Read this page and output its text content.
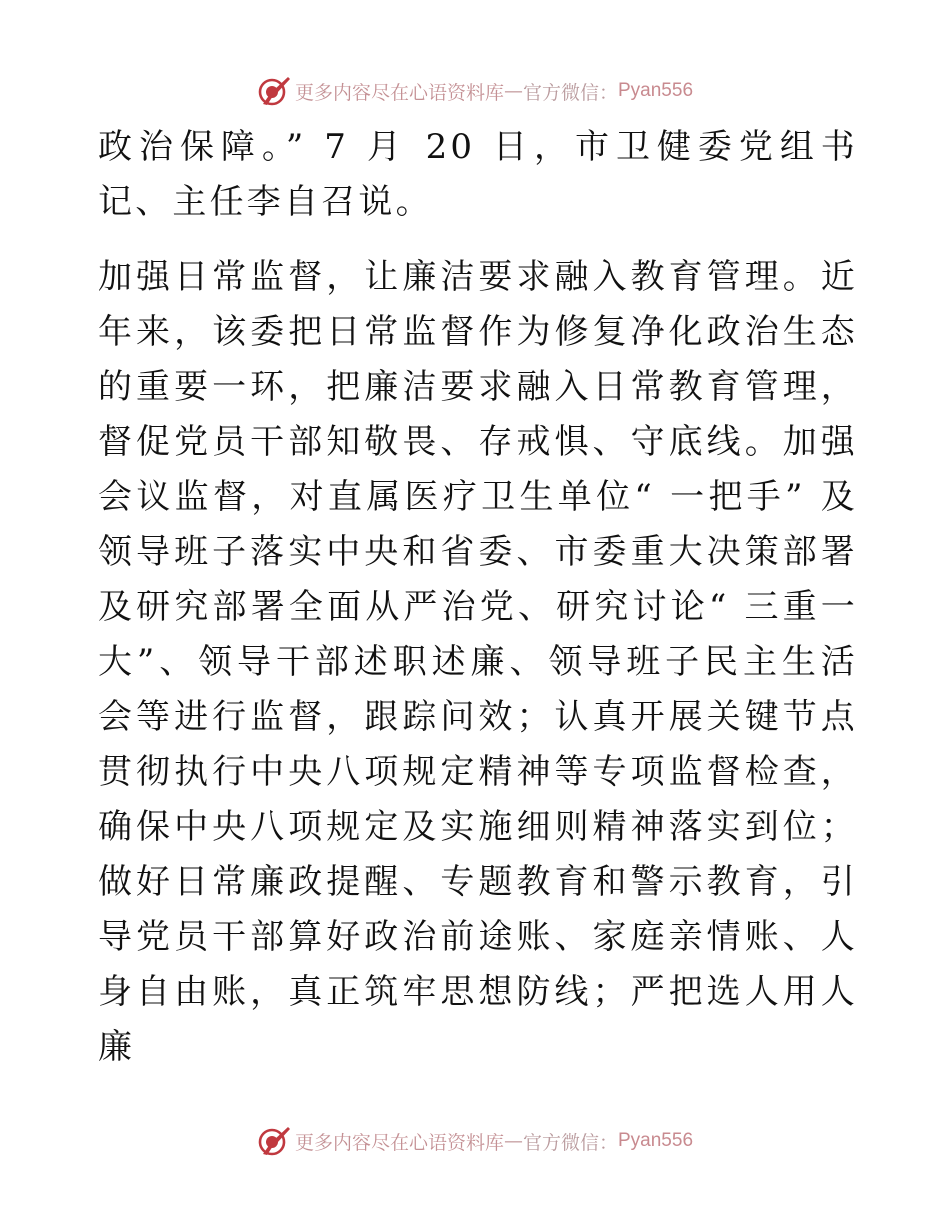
更多内容尽在心语资料库 — 官方微信： Pyan556

政治保障。” 7 月 20 日，市卫健委党组书记、主任李自召说。

加强日常监督，让廉洁要求融入教育管理。近年来，该委把日常监督作为修复净化政治生态的重要一环，把廉洁要求融入日常教育管理，督促党员干部知敬畏、存戒惧、守底线。加强会议监督，对直属医疗卫生单位“ 一把手” 及领导班子落实中央和省委、市委重大决策部署及研究部署全面从严治党、研究讨论“ 三重一大”、领导干部述职述廉、领导班子民主生活会等进行监督，跟踪问效；认真开展关键节点贯彻执行中央八项规定精神等专项监督检查，确保中央八项规定及实施细则精神落实到位；做好日常廉政提醒、专题教育和警示教育，引导党员干部算好政治前途账、家庭亲情账、人身自由账，真正筑牢思想防线；严把选人用人廉

更多内容尽在心语资料库 — 官方微信： Pyan556
